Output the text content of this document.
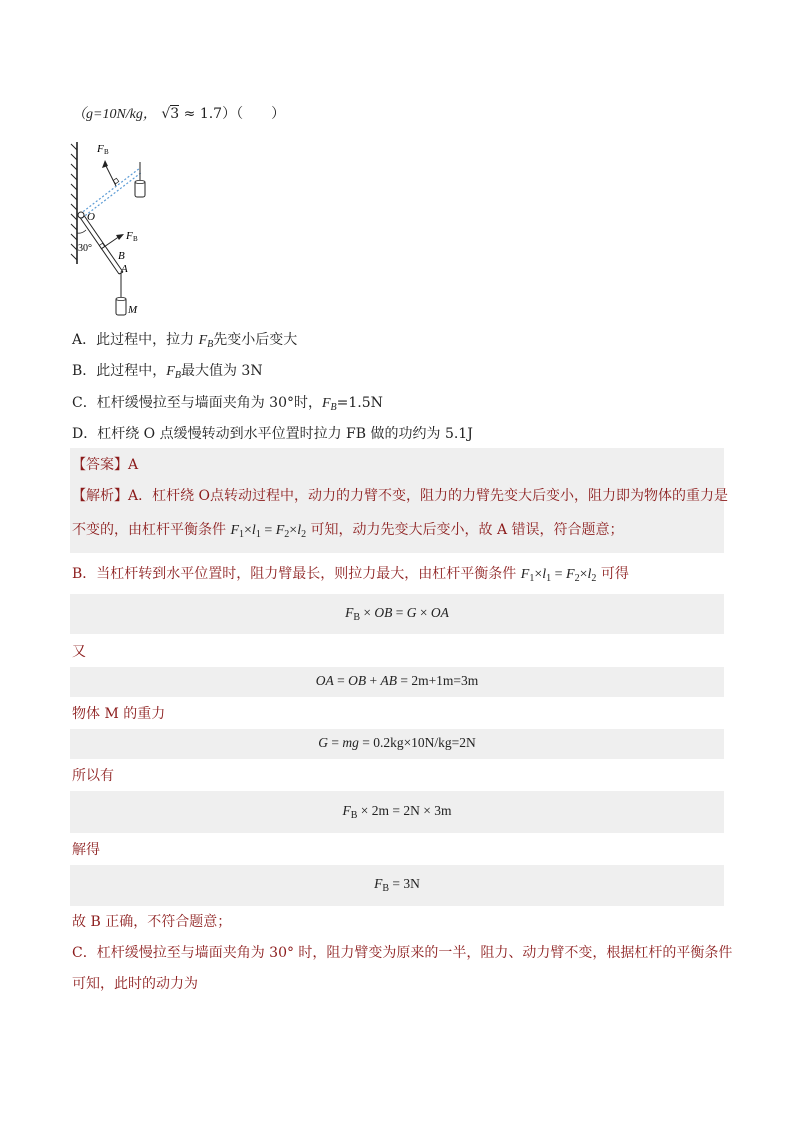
（g=10N/kg， √3 ≈ 1.7）（　　）
F B
O
30°
F B
B
A
M
A．此过程中，拉力 $F_B$先变小后变大
B．此过程中，$F_B$最大值为 3N
C．杠杆缓慢拉至与墙面夹角为 30°时，$F_B=1.5N$
D．杠杆绕 O 点缓慢转动到水平位置时拉力 FB 做的功约为 5.1J
【答案】A
【解析】A．杠杆绕 O点转动过程中，动力的力臂不变，阻力的力臂先变大后变小，阻力即为物体的重力是
不变的，由杠杆平衡条件 $F_1\times l_1 = F_2\times l_2$ 可知，动力先变大后变小，故 A 错误，符合题意；
B．当杠杆转到水平位置时，阻力臂最长，则拉力最大，由杠杆平衡条件 $F_1\times l_1 = F_2\times l_2$ 可得
$F_B$ × OB = G × OA
又
OA = OB + AB = 2m+1m=3m
物体 M 的重力
G = mg = 0.2kg×10N/kg=2N
所以有
$F_B \times 2m = 2N \times 3m$
解得
$F_B = 3N$
故 B 正确，不符合题意；
C．杠杆缓慢拉至与墙面夹角为 30° 时，阻力臂变为原来的一半，阻力、动力臂不变，根据杠杆的平衡条件
可知，此时的动力为
